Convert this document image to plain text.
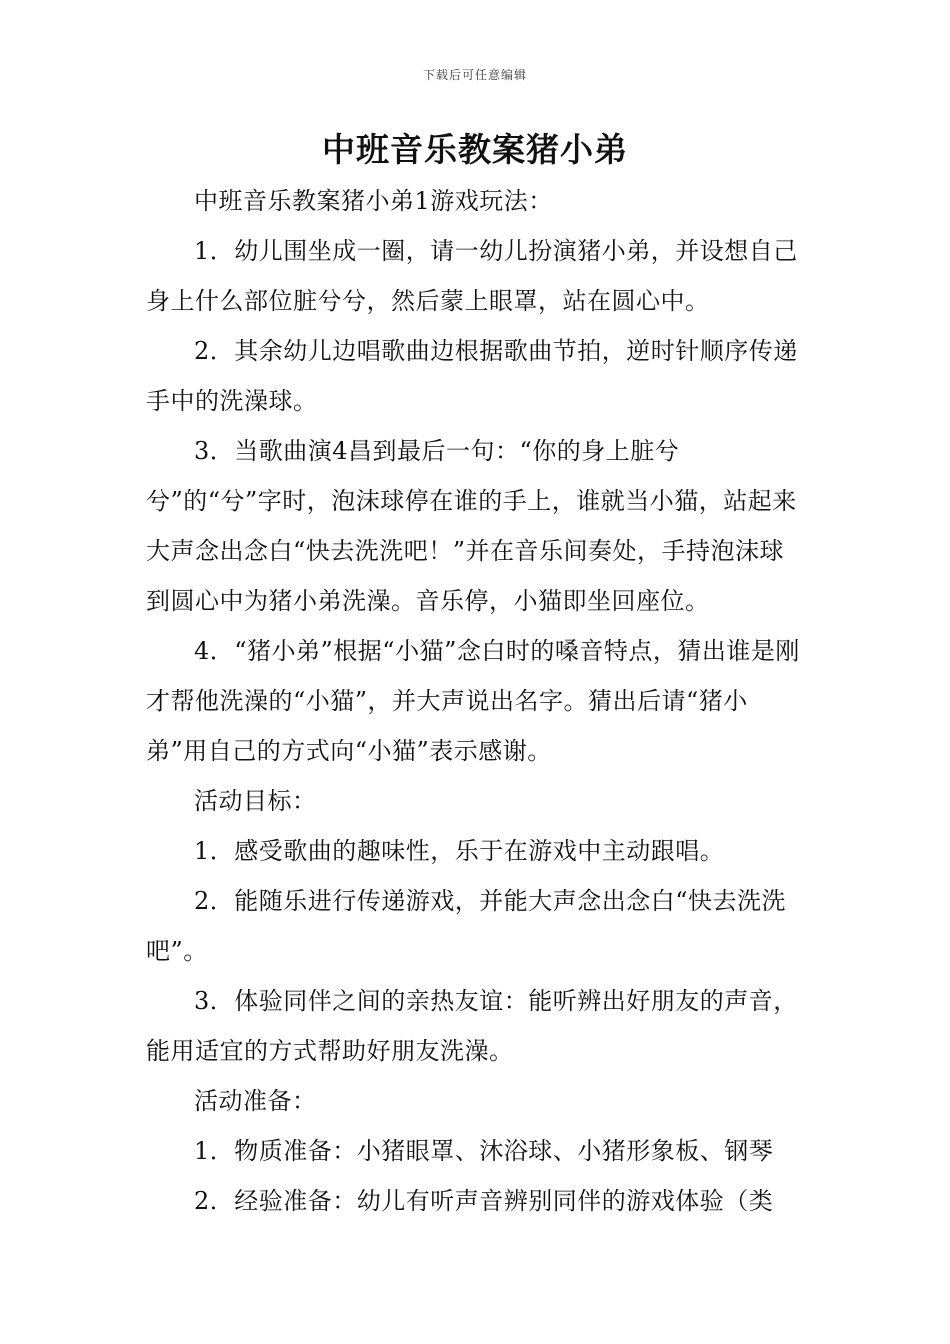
下载后可任意编辑
中班音乐教案猪小弟

中班音乐教案猪小弟1游戏玩法：

1．幼儿围坐成一圈，请一幼儿扮演猪小弟，并设想自己身上什么部位脏兮兮，然后蒙上眼罩，站在圆心中。

2．其余幼儿边唱歌曲边根据歌曲节拍，逆时针顺序传递手中的洗澡球。

3．当歌曲演4昌到最后一句：“你的身上脏兮兮”的“兮”字时，泡沫球停在谁的手上，谁就当小猫，站起来大声念出念白“快去洗洗吧！”并在音乐间奏处，手持泡沫球到圆心中为猪小弟洗澡。音乐停，小猫即坐回座位。

4．“猪小弟”根据“小猫”念白时的嗓音特点，猜出谁是刚才帮他洗澡的“小猫”，并大声说出名字。猜出后请“猪小弟”用自己的方式向“小猫”表示感谢。

活动目标：

1．感受歌曲的趣味性，乐于在游戏中主动跟唱。

2．能随乐进行传递游戏，并能大声念出念白“快去洗洗吧”。

3．体验同伴之间的亲热友谊：能听辨出好朋友的声音，能用适宜的方式帮助好朋友洗澡。

活动准备：

1．物质准备：小猪眼罩、沐浴球、小猪形象板、钢琴

2．经验准备：幼儿有听声音辨别同伴的游戏体验（类
